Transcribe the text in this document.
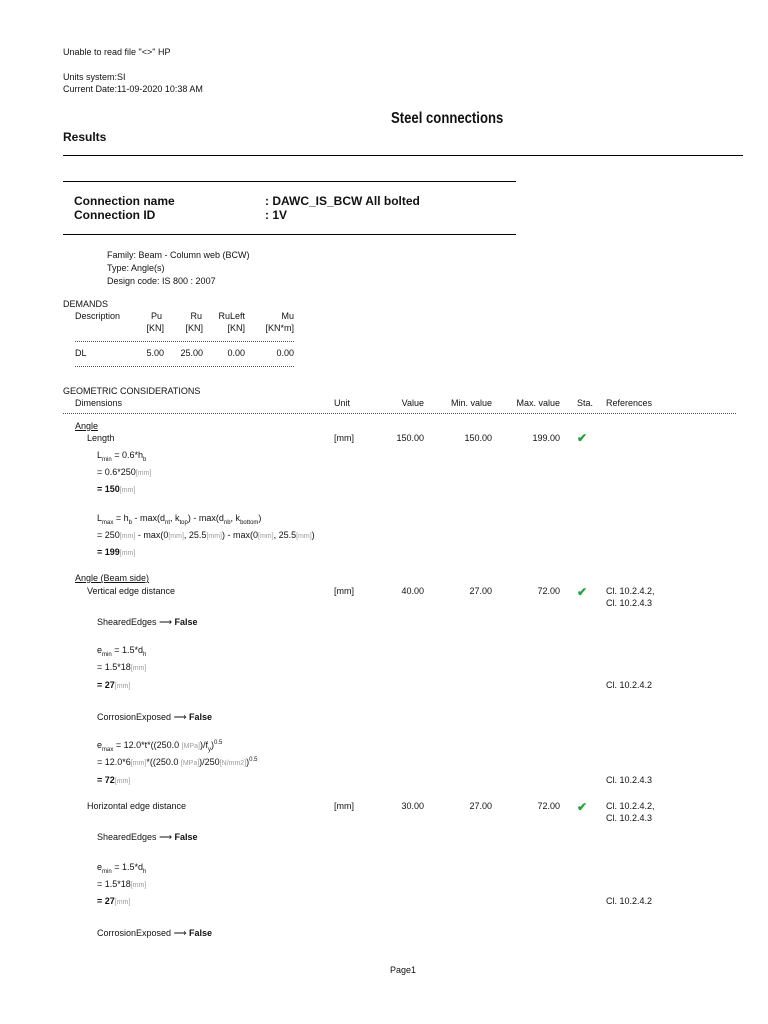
Unable to read file "<>" HP
Units system:SI
Current Date:11-09-2020 10:38 AM
Steel connections
Results
Connection name	: DAWC_IS_BCW All bolted
Connection ID	: 1V
Family: Beam - Column web (BCW)
Type: Angle(s)
Design code: IS 800 : 2007
DEMANDS
Description	Pu	Ru	RuLeft	Mu
[KN]	[KN]	[KN]	[KN*m]
DL	5.00	25.00	0.00	0.00
GEOMETRIC CONSIDERATIONS
Dimensions	Unit	Value	Min. value	Max. value Sta. References
Angle
Length	[mm]	150.00	150.00	199.00 ✔
$L_{min} = 0.6*h_b$
= 0.6*250[mm]
= 150[mm]
$L_{max} = h_b - \max(d_{nt}$, $k_{top}) - \max(d_{nb}$, $k_{bottom}$)
= 250[mm] - max(0[mm], 25.5[mm]) - max(0[mm], 25.5[mm])
= 199[mm]
Angle (Beam side)
Vertical edge distance	[mm]	40.00	27.00	72.00 ✔ Cl. 10.2.4.2,
Cl. 10.2.4.3
ShearedEdges ⟶ False
$e_{min} = 1.5*d_h$
= 1.5*18[mm]
= 27[mm]	Cl. 10.2.4.2
CorrosionExposed ⟶ False
$e_{max} = 12.0*t*((250.0$ $[MPa])/f_y)^{0.5}$
= 12.0*6[mm]*((250.0 [MPa])/250[N/mm2])$^{0.5}$
= 72[mm]	Cl. 10.2.4.3
Horizontal edge distance	[mm]	30.00	27.00	72.00 ✔ Cl. 10.2.4.2,
Cl. 10.2.4.3
ShearedEdges ⟶ False
$e_{min} = 1.5*d_h$
= 1.5*18[mm]
= 27[mm]	Cl. 10.2.4.2
CorrosionExposed ⟶ False
Page1
